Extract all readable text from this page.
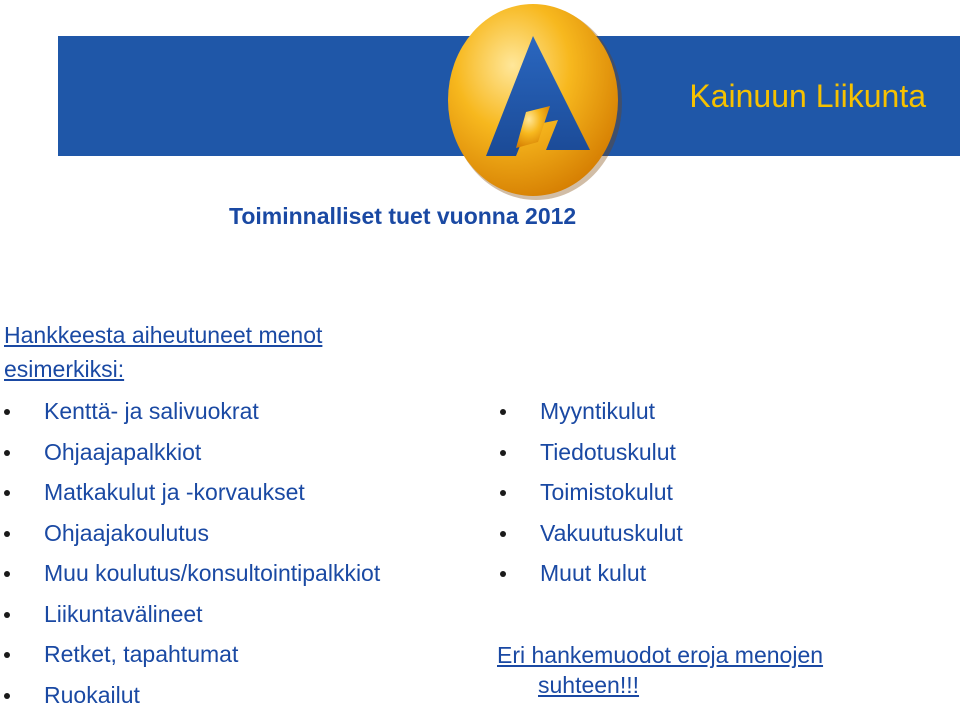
Kainuun Liikunta
Toiminnalliset tuet vuonna 2012
Hankkeesta aiheutuneet menot
esimerkiksi:
Kenttä- ja salivuokrat
Ohjaajapalkkiot
Matkakulut ja -korvaukset
Ohjaajakoulutus
Muu koulutus/konsultointipalkkiot
Liikuntavälineet
Retket, tapahtumat
Ruokailut
Myyntikulut
Tiedotuskulut
Toimistokulut
Vakuutuskulut
Muut kulut
Eri hankemuodot eroja menojen
suhteen!!!
